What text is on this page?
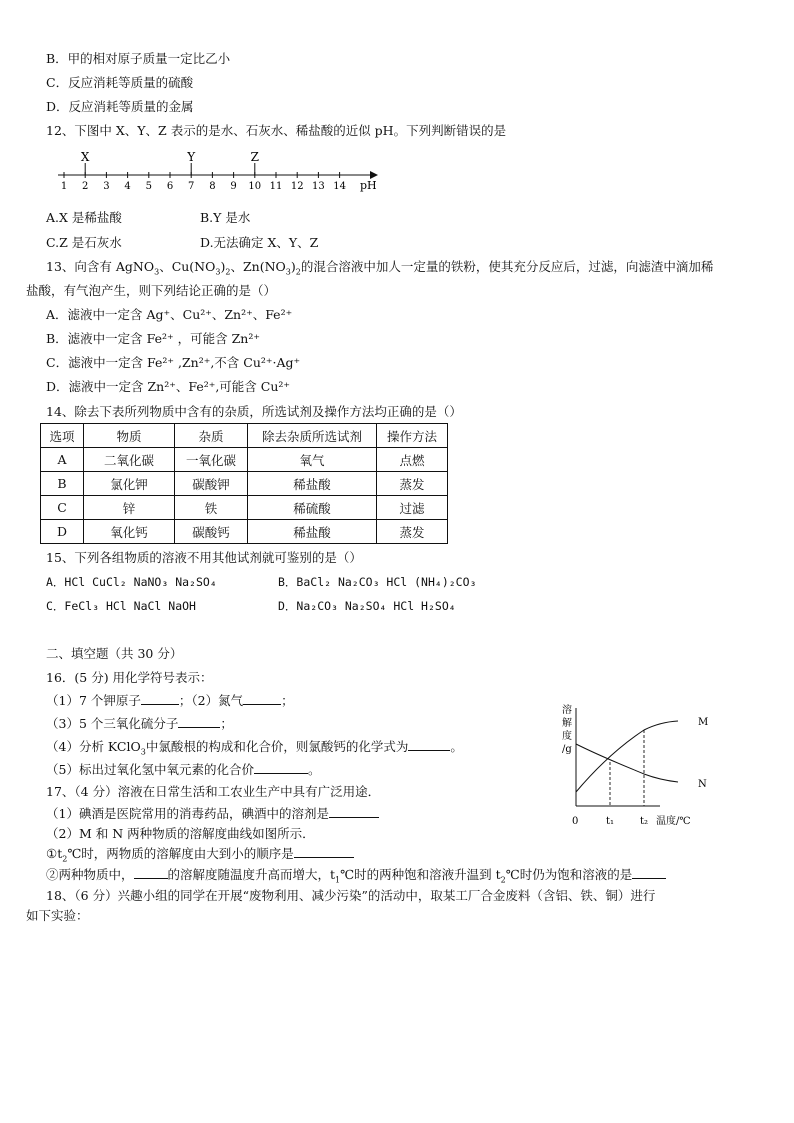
B．甲的相对原子质量一定比乙小
C．反应消耗等质量的硫酸
D．反应消耗等质量的金属
12、下图中 X、Y、Z 表示的是水、石灰水、稀盐酸的近似 pH。下列判断错误的是
1 2 3 4 5 6 7 8 9 10 11 12 13 14
X	Y	Z
pH
A.X 是稀盐酸	B.Y 是水
C.Z 是石灰水	D.无法确定 X、Y、Z
13、向含有 AgNO$_3$、$Cu(NO_3)_2$、$Zn(NO_3)_2$的混合溶液中加人一定量的铁粉，使其充分反应后，过滤，向滤渣中滴加稀
盐酸，有气泡产生，则下列结论正确的是（）
A．滤液中一定含 Ag⁺、Cu²⁺、Zn²⁺、Fe²⁺
B．滤液中一定含 Fe²⁺ ，可能含 Zn²⁺
C．滤液中一定含 Fe²⁺ ,Zn²⁺,不含 Cu²⁺·Ag⁺
D．滤液中一定含 Zn²⁺、Fe²⁺,可能含 Cu²⁺
14、除去下表所列物质中含有的杂质，所选试剂及操作方法均正确的是（）
选项	物质	杂质	除去杂质所选试剂	操作方法
A	二氧化碳	一氧化碳	氧气	点燃
B	氯化钾	碳酸钾	稀盐酸	蒸发
C	锌	铁	稀硫酸	过滤
D	氧化钙	碳酸钙	稀盐酸	蒸发
15、下列各组物质的溶液不用其他试剂就可鉴别的是（）
A．HCl CuCl₂ NaNO₃ Na₂SO₄	B．BaCl₂ Na₂CO₃ HCl (NH₄)₂CO₃
C．FeCl₃ HCl NaCl NaOH	D．Na₂CO₃ Na₂SO₄ HCl H₂SO₄
二、填空题（共 30 分）
16．(5 分) 用化学符号表示：
（1）7 个钾原子	；（2）氮气	；
（3）5 个三氧化硫分子	；
（4）分析 KClO$_3$中氯酸根的构成和化合价，则氯酸钙的化学式为	。
（5）标出过氧化氢中氧元素的化合价	。
17、（4 分）溶液在日常生活和工农业生产中具有广泛用途．
（1）碘酒是医院常用的消毒药品，碘酒中的溶剂是
（2）M 和 N 两种物质的溶解度曲线如图所示．
$①t_2℃$时，两物质的溶解度由大到小的顺序是
②两种物质中，	的溶解度随温度升高而增大，$t_1℃$时的两种饱和溶液升温到 $t_2℃$时仍为饱和溶液的是
溶
解
度
/g
M
N
0	t₁	t₂ 温度/℃
18、（6 分）兴趣小组的同学在开展“废物利用、减少污染”的活动中，取某工厂合金废料（含铝、铁、铜）进行
如下实验：
